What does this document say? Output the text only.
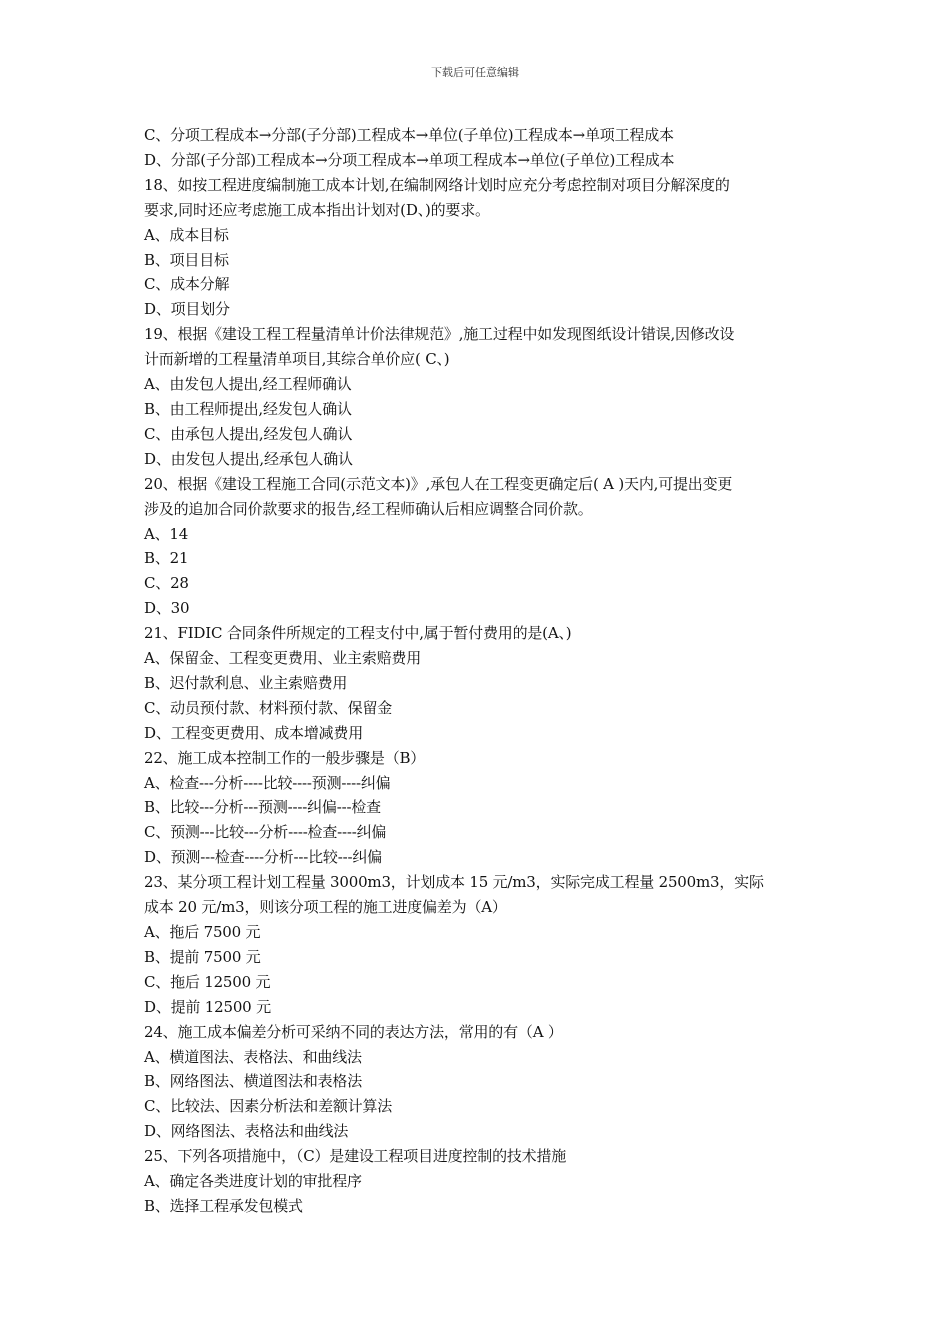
下载后可任意编辑
C、分项工程成本→分部(子分部)工程成本→单位(子单位)工程成本→单项工程成本
D、分部(子分部)工程成本→分项工程成本→单项工程成本→单位(子单位)工程成本
18、如按工程进度编制施工成本计划,在编制网络计划时应充分考虑控制对项目分解深度的
要求,同时还应考虑施工成本指出计划对(D、)的要求。
A、成本目标
B、项目目标
C、成本分解
D、项目划分
19、根据《建设工程工程量清单计价法律规范》,施工过程中如发现图纸设计错误,因修改设
计而新增的工程量清单项目,其综合单价应( C、)
A、由发包人提出,经工程师确认
B、由工程师提出,经发包人确认
C、由承包人提出,经发包人确认
D、由发包人提出,经承包人确认
20、根据《建设工程施工合同(示范文本)》,承包人在工程变更确定后( A )天内,可提出变更
涉及的追加合同价款要求的报告,经工程师确认后相应调整合同价款。
A、14
B、21
C、28
D、30
21、FIDIC 合同条件所规定的工程支付中,属于暂付费用的是(A、)
A、保留金、工程变更费用、业主索赔费用
B、迟付款利息、业主索赔费用
C、动员预付款、材料预付款、保留金
D、工程变更费用、成本增减费用
22、施工成本控制工作的一般步骤是（B）
A、检查---分析----比较----预测----纠偏
B、比较---分析---预测----纠偏---检查
C、预测---比较---分析----检查----纠偏
D、预测---检查----分析---比较---纠偏
23、某分项工程计划工程量 3000m3，计划成本 15 元/m3，实际完成工程量 2500m3，实际
成本 20 元/m3，则该分项工程的施工进度偏差为（A）
A、拖后 7500 元
B、提前 7500 元
C、拖后 12500 元
D、提前 12500 元
24、施工成本偏差分析可采纳不同的表达方法，常用的有（A ）
A、横道图法、表格法、和曲线法
B、网络图法、横道图法和表格法
C、比较法、因素分析法和差额计算法
D、网络图法、表格法和曲线法
25、下列各项措施中，（C）是建设工程项目进度控制的技术措施
A、确定各类进度计划的审批程序
B、选择工程承发包模式
